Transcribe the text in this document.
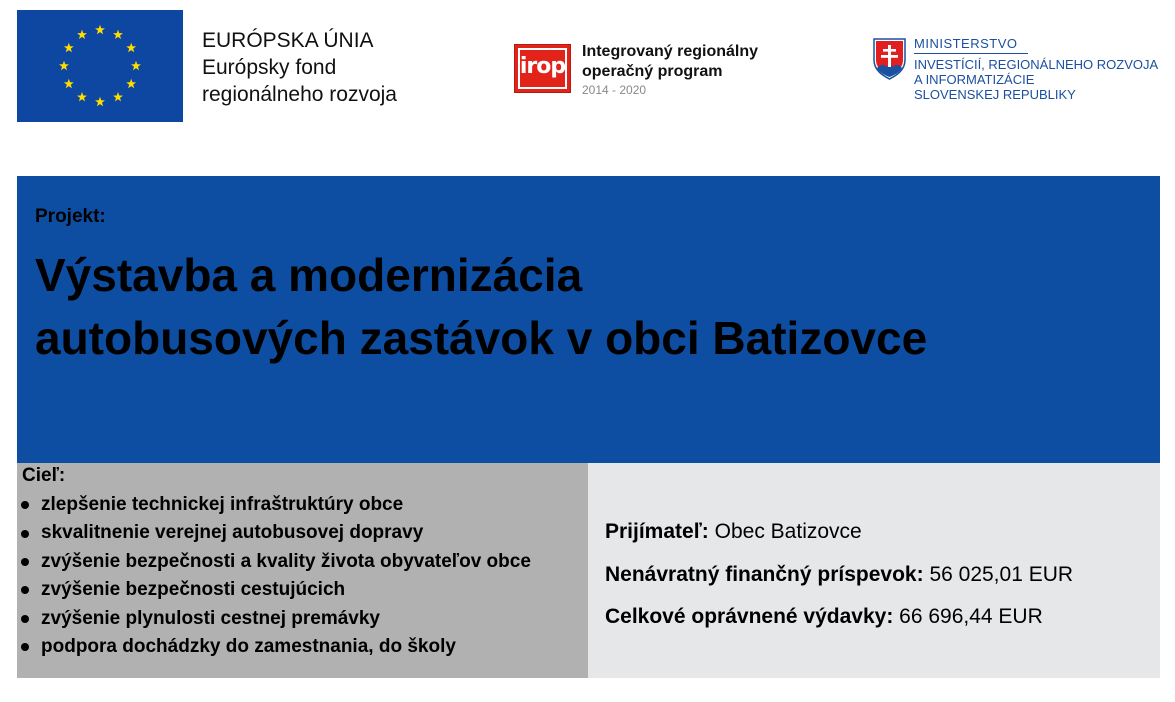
EURÓPSKA ÚNIA
Európsky fond
regionálneho rozvoja
irop
Integrovaný regionálny
operačný program
2014 - 2020
MINISTERSTVO
INVESTÍCIÍ, REGIONÁLNEHO ROZVOJA
A INFORMATIZÁCIE
SLOVENSKEJ REPUBLIKY
Projekt:
Výstavba a modernizácia
autobusových zastávok v obci Batizovce
Cieľ:
zlepšenie technickej infraštruktúry obce
skvalitnenie verejnej autobusovej dopravy
zvýšenie bezpečnosti a kvality života obyvateľov obce
zvýšenie bezpečnosti cestujúcich
zvýšenie plynulosti cestnej premávky
podpora dochádzky do zamestnania, do školy
Prijímateľ: Obec Batizovce
Nenávratný finančný príspevok: 56 025,01 EUR
Celkové oprávnené výdavky: 66 696,44 EUR
